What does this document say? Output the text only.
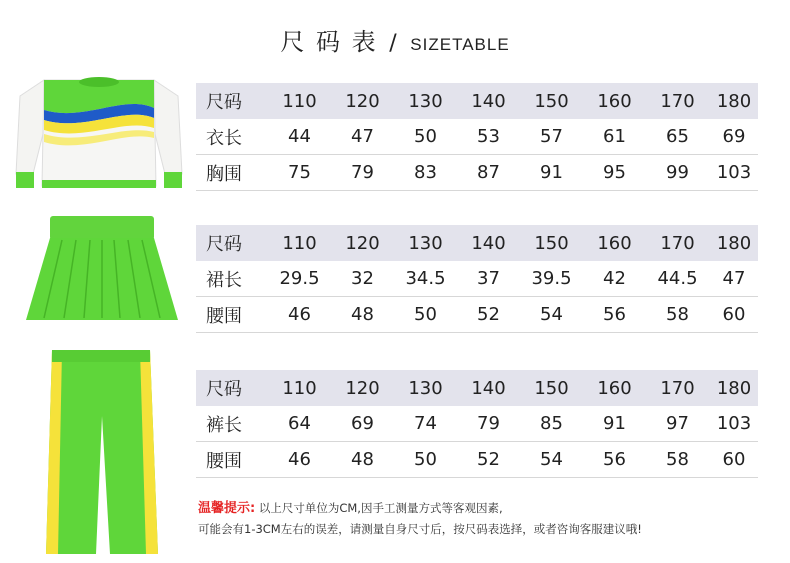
尺 码 表 / SIZETABLE
尺码	110	120	130	140	150	160	170	180
衣长	44	47	50	53	57	61	65	69
胸围	75	79	83	87	91	95	99	103
尺码	110	120	130	140	150	160	170	180
裙长	29.5	32	34.5	37	39.5	42	44.5	47
腰围	46	48	50	52	54	56	58	60
尺码	110	120	130	140	150	160	170	180
裤长	64	69	74	79	85	91	97	103
腰围	46	48	50	52	54	56	58	60
温馨提示: 以上尺寸单位为CM,因手工测量方式等客观因素,
可能会有1-3CM左右的误差，请测量自身尺寸后，按尺码表选择，或者咨询客服建议哦!
